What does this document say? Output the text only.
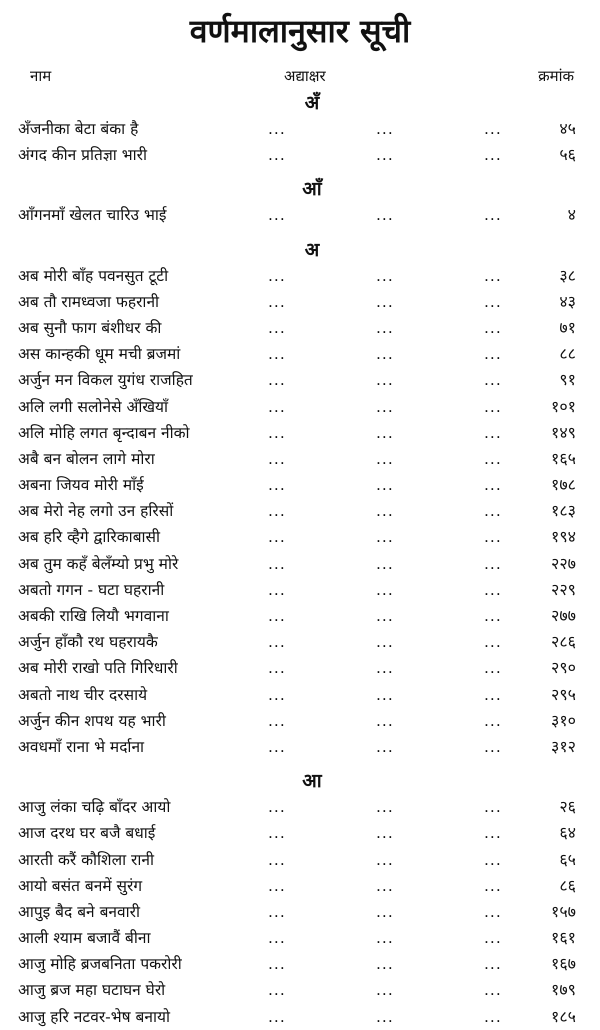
वर्णमालानुसार सूची
नाम	अद्याक्षर	क्रमांक
अँ
अँजनीका बेटा बंका है	...	...	...	४५
अंगद कीन प्रतिज्ञा भारी	...	...	...	५६
आँ
आँगनमाँ खेलत चारिउ भाई	...	...	...	४
अ
अब मोरी बाँह पवनसुत टूटी	...	...	...	३८
अब तौ रामध्वजा फहरानी	...	...	...	४३
अब सुनौ फाग बंशीधर की	...	...	...	७१
अस कान्हकी धूम मची ब्रजमां	...	...	...	८८
अर्जुन मन विकल युगंध राजहित	...	...	...	९१
अलि लगी सलोनेसे अँखियाँ	...	...	...	१०१
अलि मोहि लगत बृन्दाबन नीको	...	...	...	१४९
अबै बन बोलन लागे मोरा	...	...	...	१६५
अबना जियव मोरी माँई	...	...	...	१७८
अब मेरो नेह लगो उन हरिसों	...	...	...	१८३
अब हरि व्हैगे द्वारिकाबासी	...	...	...	१९४
अब तुम कहँ बेलँम्यो प्रभु मोरे	...	...	...	२२७
अबतो गगन - घटा घहरानी	...	...	...	२२९
अबकी राखि लियौ भगवाना	...	...	...	२७७
अर्जुन हाँकौ रथ घहरायकै	...	...	...	२८६
अब मोरी राखो पति गिरिधारी	...	...	...	२९०
अबतो नाथ चीर दरसाये	...	...	...	२९५
अर्जुन कीन शपथ यह भारी	...	...	...	३१०
अवधमाँ राना भे मर्दाना	...	...	...	३१२
आ
आजु लंका चढ़ि बाँदर आयो	...	...	...	२६
आज दरथ घर बजै बधाई	...	...	...	६४
आरती करैं कौशिला रानी	...	...	...	६५
आयो बसंत बनमें सुरंग	...	...	...	८६
आपुइ बैद बने बनवारी	...	...	...	१५७
आली श्याम बजावैं बीना	...	...	...	१६१
आजु मोहि ब्रजबनिता पकरोरी	...	...	...	१६७
आजु ब्रज महा घटाघन घेरो	...	...	...	१७९
आजु हरि नटवर-भेष बनायो	...	...	...	१८५
